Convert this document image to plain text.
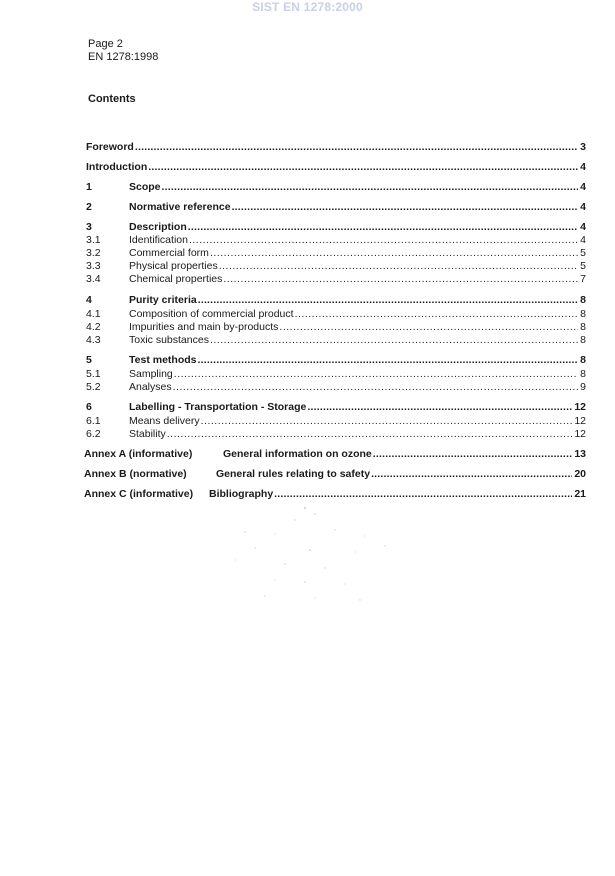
SIST EN 1278:2000
Page 2
EN 1278:1998
Contents
Foreword .....	3
Introduction .....	4
1	Scope .....	4
2	Normative reference .....	4
3	Description .....	4
3.1	Identification .....	4
3.2	Commercial form .....	5
3.3	Physical properties .....	5
3.4	Chemical properties .....	7
4	Purity criteria .....	8
4.1	Composition of commercial product .....	8
4.2	Impurities and main by-products .....	8
4.3	Toxic substances .....	8
5	Test methods .....	8
5.1	Sampling .....	8
5.2	Analyses .....	9
6	Labelling - Transportation - Storage .....	12
6.1	Means delivery .....	12
6.2	Stability .....	12
Annex A (informative)	General information on ozone .....	13
Annex B (normative)	General rules relating to safety .....	20
Annex C (informative)	Bibliography .....	21
